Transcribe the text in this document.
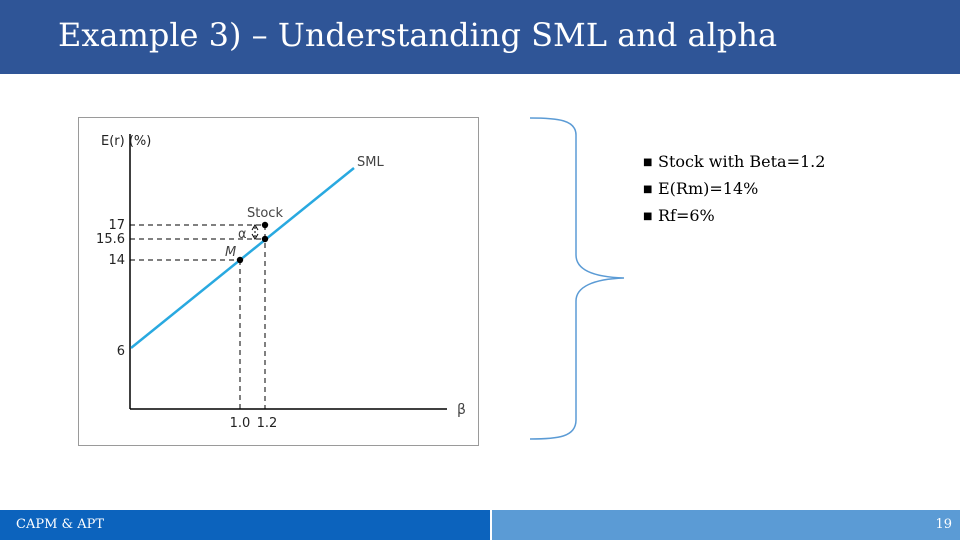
Example 3) – Understanding SML and alpha
E(r) (%)
SML
Stock
M
α
17
15.6
14
6
1.0 1.2
β
■ Stock with Beta=1.2
■ E(Rm)=14%
■ Rf=6%
CAPM & APT	19
